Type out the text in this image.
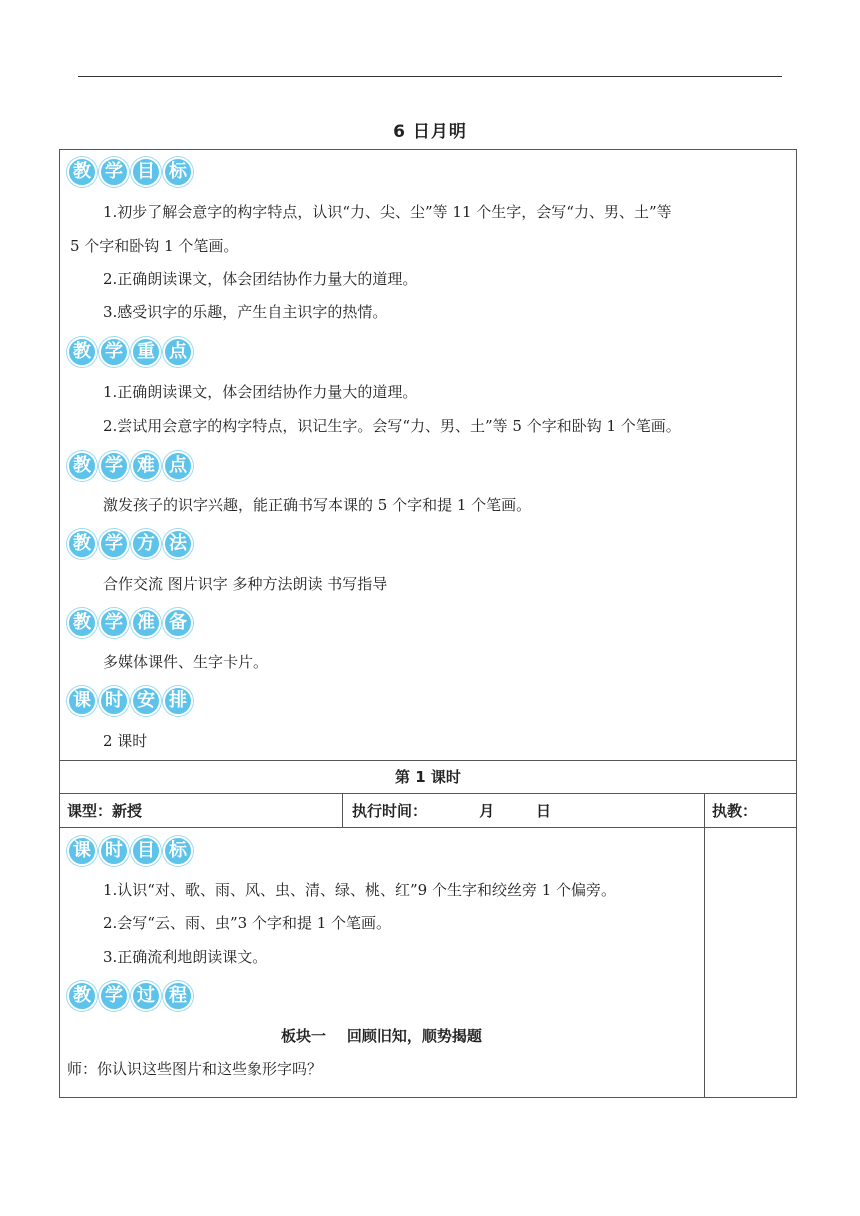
6 日月明
教 学 目 标
1.初步了解会意字的构字特点，认识“力、尖、尘”等 11 个生字，会写“力、男、土”等
5 个字和卧钩 1 个笔画。
2.正确朗读课文，体会团结协作力量大的道理。
3.感受识字的乐趣，产生自主识字的热情。
教 学 重 点
1.正确朗读课文，体会团结协作力量大的道理。
2.尝试用会意字的构字特点，识记生字。会写“力、男、土”等 5 个字和卧钩 1 个笔画。
教 学 难 点
激发孩子的识字兴趣，能正确书写本课的 5 个字和提 1 个笔画。
教 学 方 法
合作交流 图片识字 多种方法朗读 书写指导
教 学 准 备
多媒体课件、生字卡片。
课 时 安 排
2 课时
第 1 课时
课型：新授	执行时间：          月        日	执教：
课 时 目 标
1.认识“对、歌、雨、风、虫、清、绿、桃、红”9 个生字和绞丝旁 1 个偏旁。
2.会写“云、雨、虫”3 个字和提 1 个笔画。
3.正确流利地朗读课文。
教 学 过 程
板块一    回顾旧知，顺势揭题
师：你认识这些图片和这些象形字吗？
